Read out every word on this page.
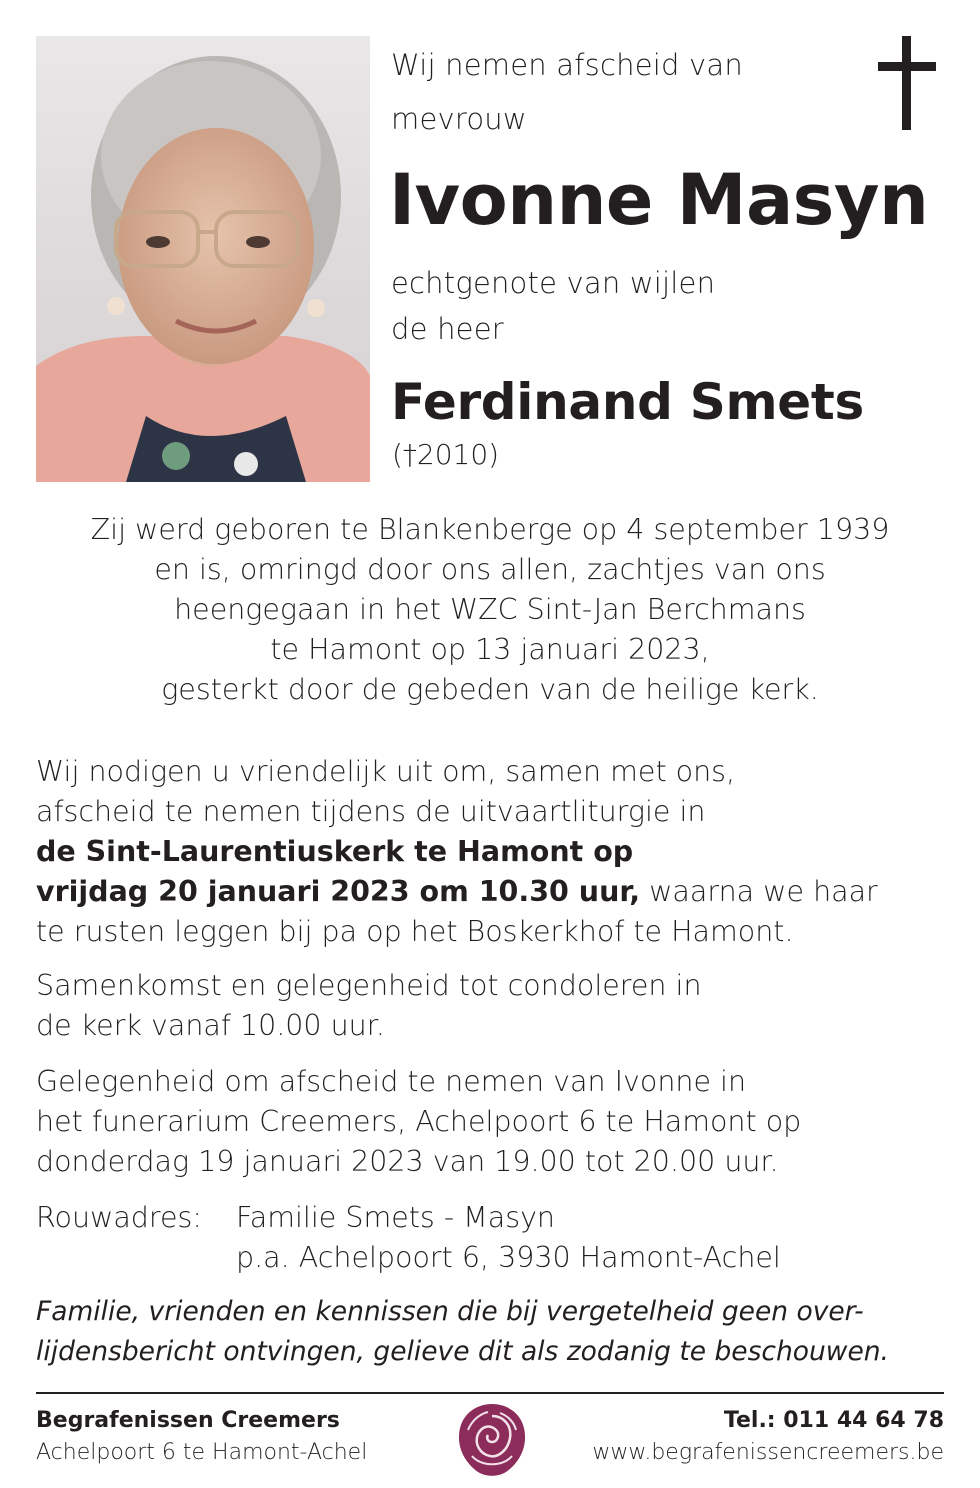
Wij nemen afscheid van
mevrouw
Ivonne Masyn
echtgenote van wijlen
de heer
Ferdinand Smets
(†2010)
Zij werd geboren te Blankenberge op 4 september 1939
en is, omringd door ons allen, zachtjes van ons
heengegaan in het WZC Sint-Jan Berchmans
te Hamont op 13 januari 2023,
gesterkt door de gebeden van de heilige kerk.
Wij nodigen u vriendelijk uit om, samen met ons,
afscheid te nemen tijdens de uitvaartliturgie in
de Sint-Laurentiuskerk te Hamont op
vrijdag 20 januari 2023 om 10.30 uur, waarna we haar
te rusten leggen bij pa op het Boskerkhof te Hamont.
Samenkomst en gelegenheid tot condoleren in
de kerk vanaf 10.00 uur.
Gelegenheid om afscheid te nemen van Ivonne in
het funerarium Creemers, Achelpoort 6 te Hamont op
donderdag 19 januari 2023 van 19.00 tot 20.00 uur.
Rouwadres: Familie Smets - Masyn
p.a. Achelpoort 6, 3930 Hamont-Achel
Familie, vrienden en kennissen die bij vergetelheid geen over-
lijdensbericht ontvingen, gelieve dit als zodanig te beschouwen.
Begrafenissen Creemers
Achelpoort 6 te Hamont-Achel
Tel.: 011 44 64 78
www.begrafenissencreemers.be
